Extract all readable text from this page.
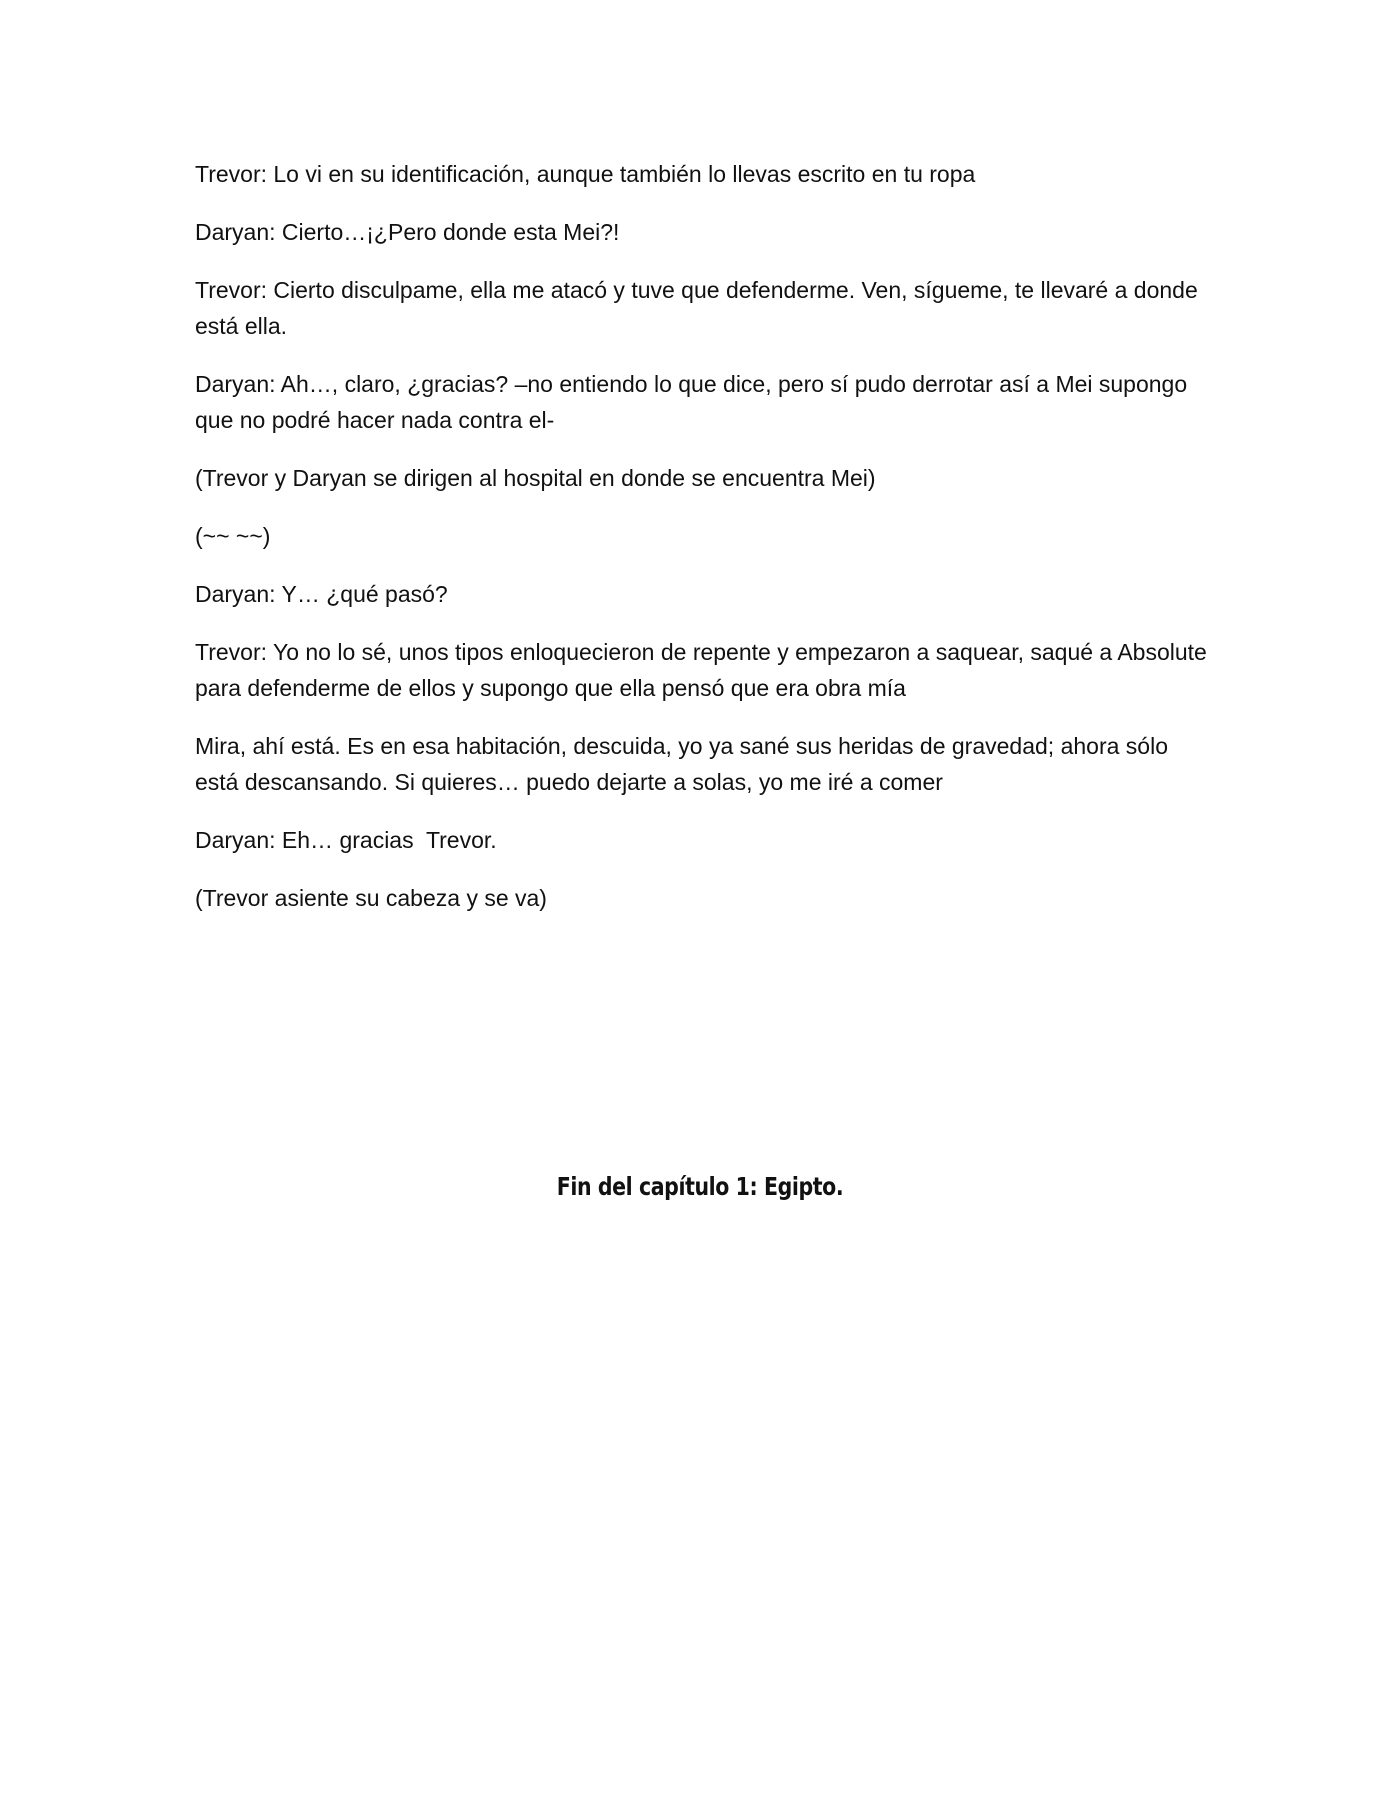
Trevor: Lo vi en su identificación, aunque también lo llevas escrito en tu ropa

Daryan: Cierto…¡¿Pero donde esta Mei?!

Trevor: Cierto disculpame, ella me atacó y tuve que defenderme. Ven, sígueme, te llevaré a donde está ella.

Daryan: Ah…, claro, ¿gracias? –no entiendo lo que dice, pero sí pudo derrotar así a Mei supongo que no podré hacer nada contra el-

(Trevor y Daryan se dirigen al hospital en donde se encuentra Mei)

(~~ ~~)

Daryan: Y… ¿qué pasó?

Trevor: Yo no lo sé, unos tipos enloquecieron de repente y empezaron a saquear, saqué a Absolute para defenderme de ellos y supongo que ella pensó que era obra mía

Mira, ahí está. Es en esa habitación, descuida, yo ya sané sus heridas de gravedad; ahora sólo está descansando. Si quieres… puedo dejarte a solas, yo me iré a comer

Daryan: Eh… gracias  Trevor.

(Trevor asiente su cabeza y se va)

Fin del capítulo 1: Egipto.
